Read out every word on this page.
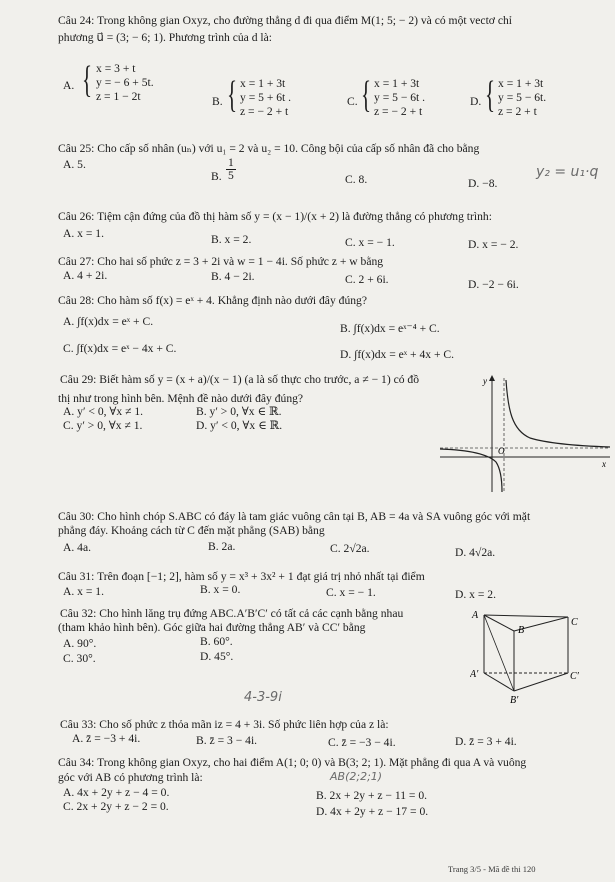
Câu 24: Trong không gian Oxyz, cho đường thẳng d đi qua điểm M(1; 5; − 2) và có một vectơ chỉ
phương u⃗ = (3; − 6; 1). Phương trình của d là:
A. { x = 3 + t
y = − 6 + 5t.
z = 1 − 2t	B. { x = 1 + 3t
y = 5 + 6t .
z = − 2 + t
C. { x = 1 + 3t
y = 5 − 6t .
z = − 2 + t
D. { x = 1 + 3t
y = 5 − 6t.
z = 2 + t
Câu 25: Cho cấp số nhân (uₙ) với u₁ = 2 và u₂ = 10. Công bội của cấp số nhân đã cho bằng
A. 5.
B.
1
5	C. 8.	D. −8.
y₂ = u₁·q
Câu 26: Tiệm cận đứng của đồ thị hàm số y = (x − 1)/(x + 2) là đường thẳng có phương trình:
A. x = 1.	B. x = 2.	C. x = − 1.	D. x = − 2.
Câu 27: Cho hai số phức z = 3 + 2i và w = 1 − 4i. Số phức z + w bằng
A. 4 + 2i.	B. 4 − 2i.	C. 2 + 6i.	D. −2 − 6i.
Câu 28: Cho hàm số f(x) = eˣ + 4. Khẳng định nào dưới đây đúng?
A. ∫f(x)dx = eˣ + C.
B. ∫f(x)dx = eˣ⁻⁴ + C.
C. ∫f(x)dx = eˣ − 4x + C.	D. ∫f(x)dx = eˣ + 4x + C.
Câu 29: Biết hàm số y = (x + a)/(x − 1) (a là số thực cho trước, a ≠ − 1) có đồ
thị như trong hình bên. Mệnh đề nào dưới đây đúng?
A. y′ < 0, ∀x ≠ 1.	B. y′ > 0, ∀x ∈ ℝ.
C. y′ > 0, ∀x ≠ 1.	D. y′ < 0, ∀x ∈ ℝ.
y
O
x
Câu 30: Cho hình chóp S.ABC có đáy là tam giác vuông cân tại B, AB = 4a và SA vuông góc với mặt
phẳng đáy. Khoảng cách từ C đến mặt phẳng (SAB) bằng
A. 4a.	B. 2a.	C. 2√2a.	D. 4√2a.
Câu 31: Trên đoạn [−1; 2], hàm số y = x³ + 3x² + 1 đạt giá trị nhỏ nhất tại điểm
A. x = 1.	B. x = 0.	C. x = − 1.	D. x = 2.
Câu 32: Cho hình lăng trụ đứng ABC.A′B′C′ có tất cả các cạnh bằng nhau
(tham khảo hình bên). Góc giữa hai đường thẳng AB′ và CC′ bằng
A. 90°.	B. 60°.
C. 30°.	D. 45°.
A
C
B
A′	C′
B′
4-3-9i
Câu 33: Cho số phức z thỏa mãn iz = 4 + 3i. Số phức liên hợp của z là:
A. z̄ = −3 + 4i.	B. z̄ = 3 − 4i.	C. z̄ = −3 − 4i.	D. z̄ = 3 + 4i.
Câu 34: Trong không gian Oxyz, cho hai điểm A(1; 0; 0) và B(3; 2; 1). Mặt phẳng đi qua A và vuông
góc với AB có phương trình là:	AB(2;2;1)
A. 4x + 2y + z − 4 = 0.	B. 2x + 2y + z − 11 = 0.
C. 2x + 2y + z − 2 = 0.	D. 4x + 2y + z − 17 = 0.
Trang 3/5 - Mã đề thi 120
